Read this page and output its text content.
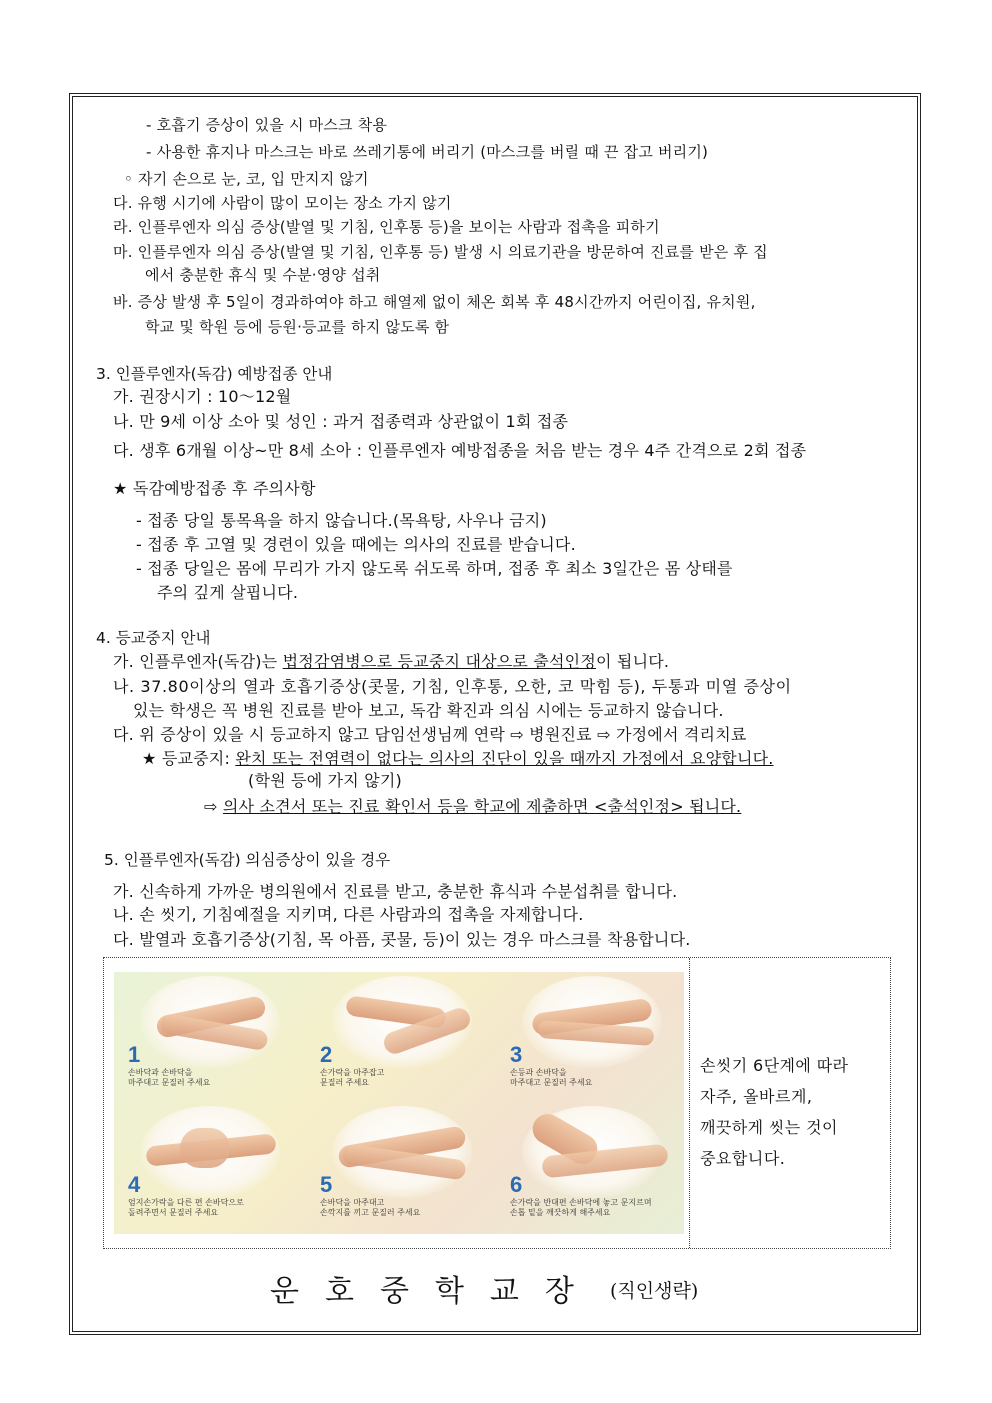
- 호흡기 증상이 있을 시 마스크 착용
- 사용한 휴지나 마스크는 바로 쓰레기통에 버리기 (마스크를 버릴 때 끈 잡고 버리기)
◦ 자기 손으로 눈, 코, 입 만지지 않기
다. 유행 시기에 사람이 많이 모이는 장소 가지 않기
라. 인플루엔자 의심 증상(발열 및 기침, 인후통 등)을 보이는 사람과 접촉을 피하기
마. 인플루엔자 의심 증상(발열 및 기침, 인후통 등) 발생 시 의료기관을 방문하여 진료를 받은 후 집
에서 충분한 휴식 및 수분·영양 섭취
바. 증상 발생 후 5일이 경과하여야 하고 해열제 없이 체온 회복 후 48시간까지 어린이집, 유치원,
학교 및 학원 등에 등원·등교를 하지 않도록 함
3. 인플루엔자(독감) 예방접종 안내
가. 권장시기 : 10～12월
나. 만 9세 이상 소아 및 성인 : 과거 접종력과 상관없이 1회 접종
다. 생후 6개월 이상~만 8세 소아 : 인플루엔자 예방접종을 처음 받는 경우 4주 간격으로 2회 접종
★ 독감예방접종 후 주의사항
- 접종 당일 통목욕을 하지 않습니다.(목욕탕, 사우나 금지)
- 접종 후 고열 및 경련이 있을 때에는 의사의 진료를 받습니다.
- 접종 당일은 몸에 무리가 가지 않도록 쉬도록 하며, 접종 후 최소 3일간은 몸 상태를
주의 깊게 살핍니다.
4. 등교중지 안내
가. 인플루엔자(독감)는 법정감염병으로 등교중지 대상으로 출석인정이 됩니다.
나. 37.80이상의 열과 호흡기증상(콧물, 기침, 인후통, 오한, 코 막힘 등), 두통과 미열 증상이
있는 학생은 꼭 병원 진료를 받아 보고, 독감 확진과 의심 시에는 등교하지 않습니다.
다. 위 증상이 있을 시 등교하지 않고 담임선생님께 연락 ⇨ 병원진료 ⇨ 가정에서 격리치료
★ 등교중지: 완치 또는 전염력이 없다는 의사의 진단이 있을 때까지 가정에서 요양합니다.
(학원 등에 가지 않기)
⇨ 의사 소견서 또는 진료 확인서 등을 학교에 제출하면 <출석인정> 됩니다.
5. 인플루엔자(독감) 의심증상이 있을 경우
가. 신속하게 가까운 병의원에서 진료를 받고, 충분한 휴식과 수분섭취를 합니다.
나. 손 씻기, 기침예절을 지키며, 다른 사람과의 접촉을 자제합니다.
다. 발열과 호흡기증상(기침, 목 아픔, 콧물, 등)이 있는 경우 마스크를 착용합니다.
1
손바닥과 손바닥을
마주대고 문질러 주세요
2
손가락을 마주잡고
문질러 주세요
3
손등과 손바닥을
마주대고 문질러 주세요
4
엄지손가락을 다른 편 손바닥으로
돌려주면서 문질러 주세요
5
손바닥을 마주대고
손깍지를 끼고 문질러 주세요
6
손가락을 반대편 손바닥에 놓고 문지르며
손톱 밑을 깨끗하게 해주세요
손씻기 6단계에 따라
자주, 올바르게,
깨끗하게 씻는 것이
중요합니다.
운호중학교장 (직인생략)
